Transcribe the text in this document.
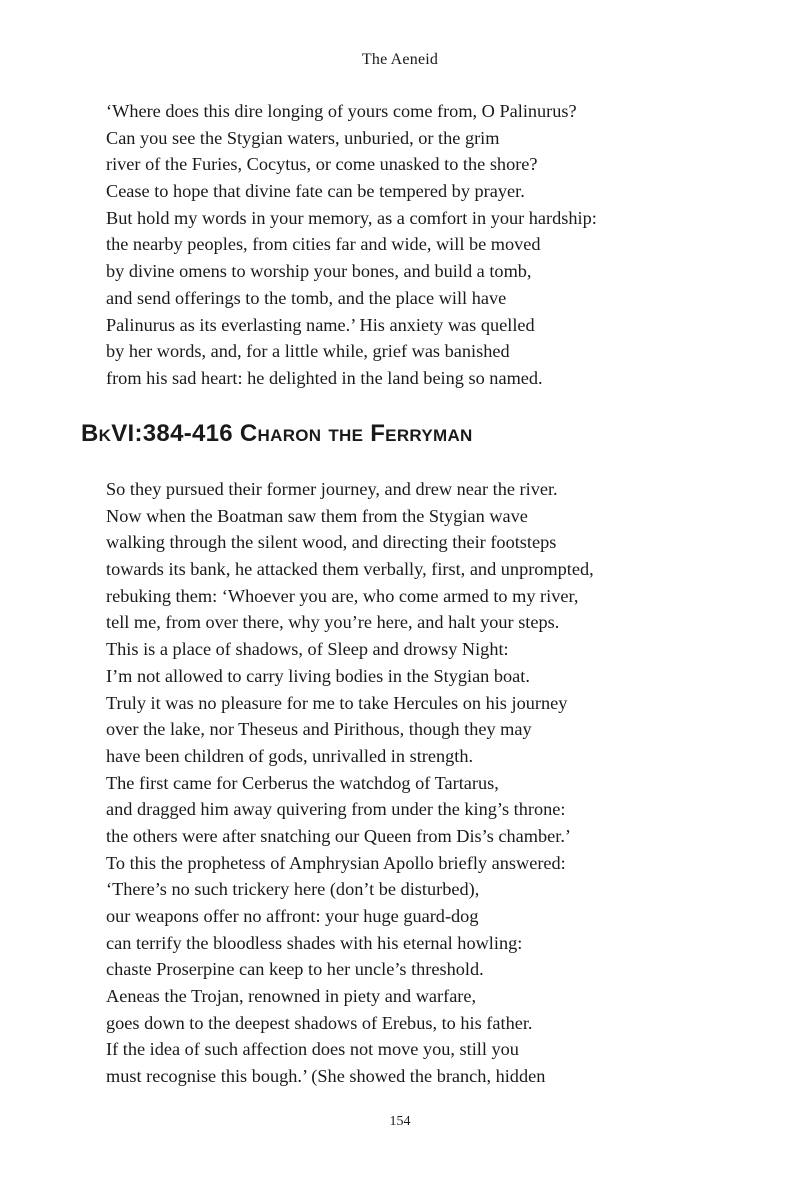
The Aeneid
‘Where does this dire longing of yours come from, O Palinurus?
Can you see the Stygian waters, unburied, or the grim
river of the Furies, Cocytus, or come unasked to the shore?
Cease to hope that divine fate can be tempered by prayer.
But hold my words in your memory, as a comfort in your hardship:
the nearby peoples, from cities far and wide, will be moved
by divine omens to worship your bones, and build a tomb,
and send offerings to the tomb, and the place will have
Palinurus as its everlasting name.’ His anxiety was quelled
by her words, and, for a little while, grief was banished
from his sad heart: he delighted in the land being so named.
BkVI:384-416 Charon the Ferryman
So they pursued their former journey, and drew near the river.
Now when the Boatman saw them from the Stygian wave
walking through the silent wood, and directing their footsteps
towards its bank, he attacked them verbally, first, and unprompted,
rebuking them: ‘Whoever you are, who come armed to my river,
tell me, from over there, why you’re here, and halt your steps.
This is a place of shadows, of Sleep and drowsy Night:
I’m not allowed to carry living bodies in the Stygian boat.
Truly it was no pleasure for me to take Hercules on his journey
over the lake, nor Theseus and Pirithous, though they may
have been children of gods, unrivalled in strength.
The first came for Cerberus the watchdog of Tartarus,
and dragged him away quivering from under the king’s throne:
the others were after snatching our Queen from Dis’s chamber.’
To this the prophetess of Amphrysian Apollo briefly answered:
‘There’s no such trickery here (don’t be disturbed),
our weapons offer no affront: your huge guard-dog
can terrify the bloodless shades with his eternal howling:
chaste Proserpine can keep to her uncle’s threshold.
Aeneas the Trojan, renowned in piety and warfare,
goes down to the deepest shadows of Erebus, to his father.
If the idea of such affection does not move you, still you
must recognise this bough.’ (She showed the branch, hidden
154
